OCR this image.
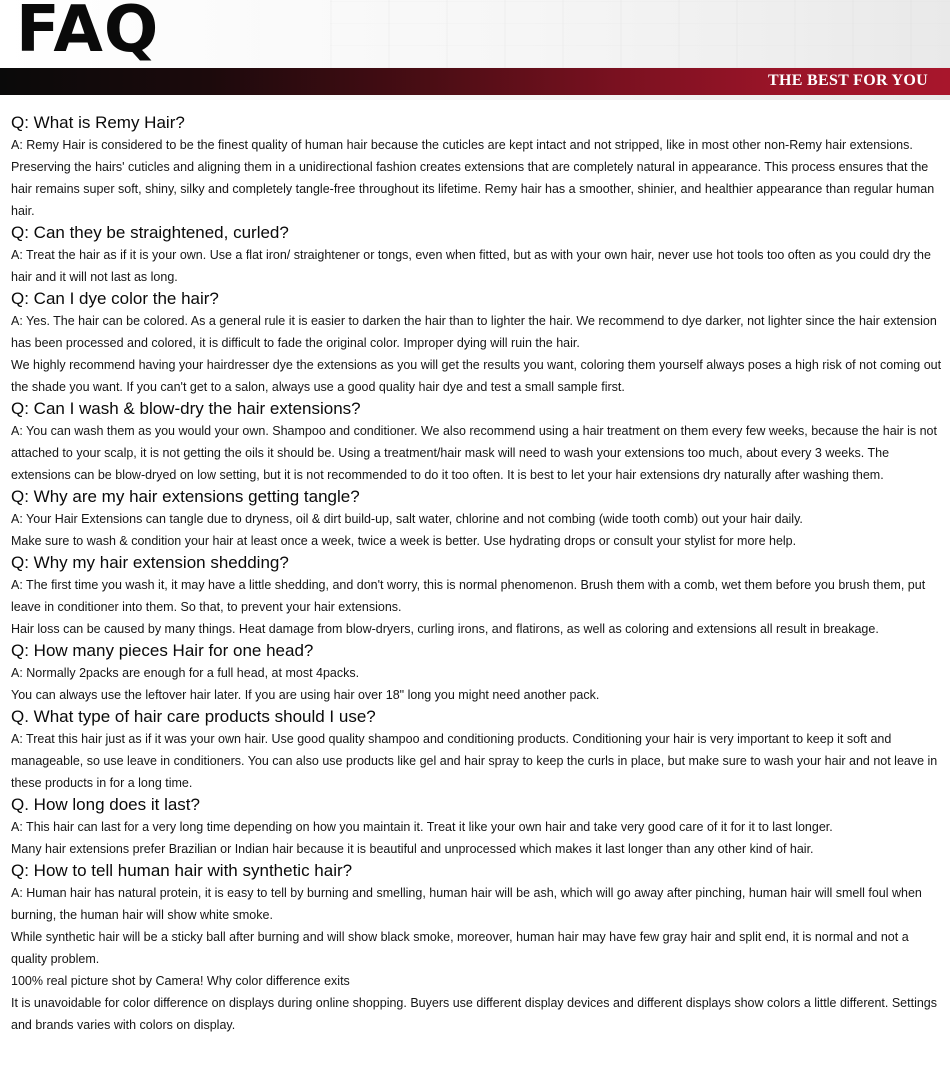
FAQ
THE BEST FOR YOU
Q: What is Remy Hair?
A: Remy Hair is considered to be the finest quality of human hair because the cuticles are kept intact and not stripped, like in most other non-Remy hair extensions. Preserving the hairs' cuticles and aligning them in a unidirectional fashion creates extensions that are completely natural in appearance. This process ensures that the hair remains super soft, shiny, silky and completely tangle-free throughout its lifetime. Remy hair has a smoother, shinier, and healthier appearance than regular human hair.
Q: Can they be straightened, curled?
A: Treat the hair as if it is your own. Use a flat iron/ straightener or tongs, even when fitted, but as with your own hair, never use hot tools too often as you could dry the hair and it will not last as long.
Q: Can I dye color the hair?
A: Yes. The hair can be colored. As a general rule it is easier to darken the hair than to lighter the hair. We recommend to dye darker, not lighter since the hair extension has been processed and colored, it is difficult to fade the original color. Improper dying will ruin the hair.
We highly recommend having your hairdresser dye the extensions as you will get the results you want, coloring them yourself always poses a high risk of not coming out the shade you want. If you can't get to a salon, always use a good quality hair dye and test a small sample first.
Q: Can I wash & blow-dry the hair extensions?
A: You can wash them as you would your own. Shampoo and conditioner. We also recommend using a hair treatment on them every few weeks, because the hair is not attached to your scalp, it is not getting the oils it should be. Using a treatment/hair mask will need to wash your extensions too much, about every 3 weeks. The extensions can be blow-dryed on low setting, but it is not recommended to do it too often. It is best to let your hair extensions dry naturally after washing them.
Q: Why are my hair extensions getting tangle?
A: Your Hair Extensions can tangle due to dryness, oil & dirt build-up, salt water, chlorine and not combing (wide tooth comb) out your hair daily.
Make sure to wash & condition your hair at least once a week, twice a week is better. Use hydrating drops or consult your stylist for more help.
Q: Why my hair extension shedding?
A: The first time you wash it, it may have a little shedding, and don't worry, this is normal phenomenon. Brush them with a comb, wet them before you brush them, put leave in conditioner into them. So that, to prevent your hair extensions.
Hair loss can be caused by many things. Heat damage from blow-dryers, curling irons, and flatirons, as well as coloring and extensions all result in breakage.
Q: How many pieces Hair for one head?
A: Normally 2packs are enough for a full head, at most 4packs.
You can always use the leftover hair later. If you are using hair over 18" long you might need another pack.
Q. What type of hair care products should I use?
A: Treat this hair just as if it was your own hair. Use good quality shampoo and conditioning products. Conditioning your hair is very important to keep it soft and manageable, so use leave in conditioners. You can also use products like gel and hair spray to keep the curls in place, but make sure to wash your hair and not leave in these products in for a long time.
Q. How long does it last?
A: This hair can last for a very long time depending on how you maintain it. Treat it like your own hair and take very good care of it for it to last longer.
Many hair extensions prefer Brazilian or Indian hair because it is beautiful and unprocessed which makes it last longer than any other kind of hair.
Q: How to tell human hair with synthetic hair?
A: Human hair has natural protein, it is easy to tell by burning and smelling, human hair will be ash, which will go away after pinching, human hair will smell foul when burning, the human hair will show white smoke.
While synthetic hair will be a sticky ball after burning and will show black smoke, moreover, human hair may have few gray hair and split end, it is normal and not a quality problem.
100% real picture shot by Camera! Why color difference exits
It is unavoidable for color difference on displays during online shopping. Buyers use different display devices and different displays show colors a little different. Settings and brands varies with colors on display.
